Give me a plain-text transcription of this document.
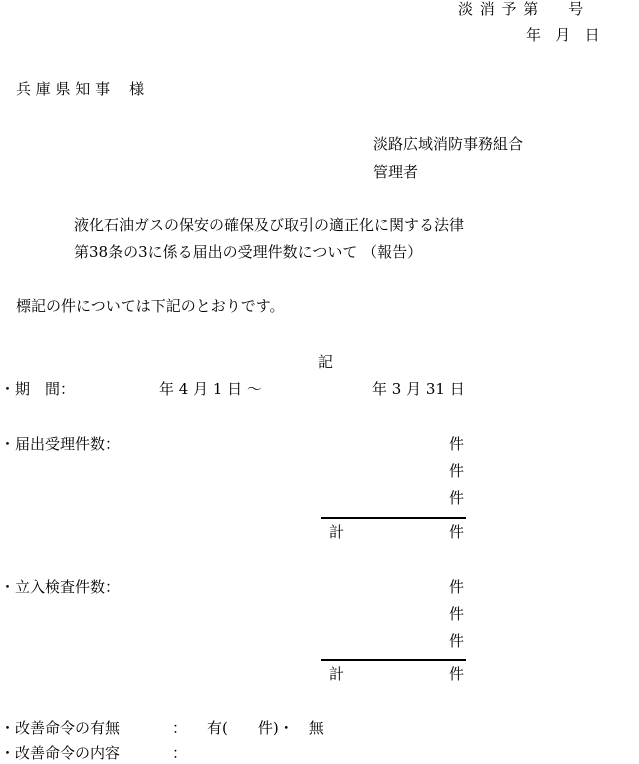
淡 消 予 第     号
年   月   日
兵 庫 県 知 事    様
淡路広域消防事務組合
管理者
液化石油ガスの保安の確保及び取引の適正化に関する法律
第38条の3に係る届出の受理件数について （報告）
標記の件については下記のとおりです。
記
・期　間：	年 4 月 1 日 ～	年 3 月 31 日
・届出受理件数：	件
件
件
計	件
・立入検査件数：	件
件
件
計	件
・改善命令の有無	： 有(　　件)・　無
・改善命令の内容	：
